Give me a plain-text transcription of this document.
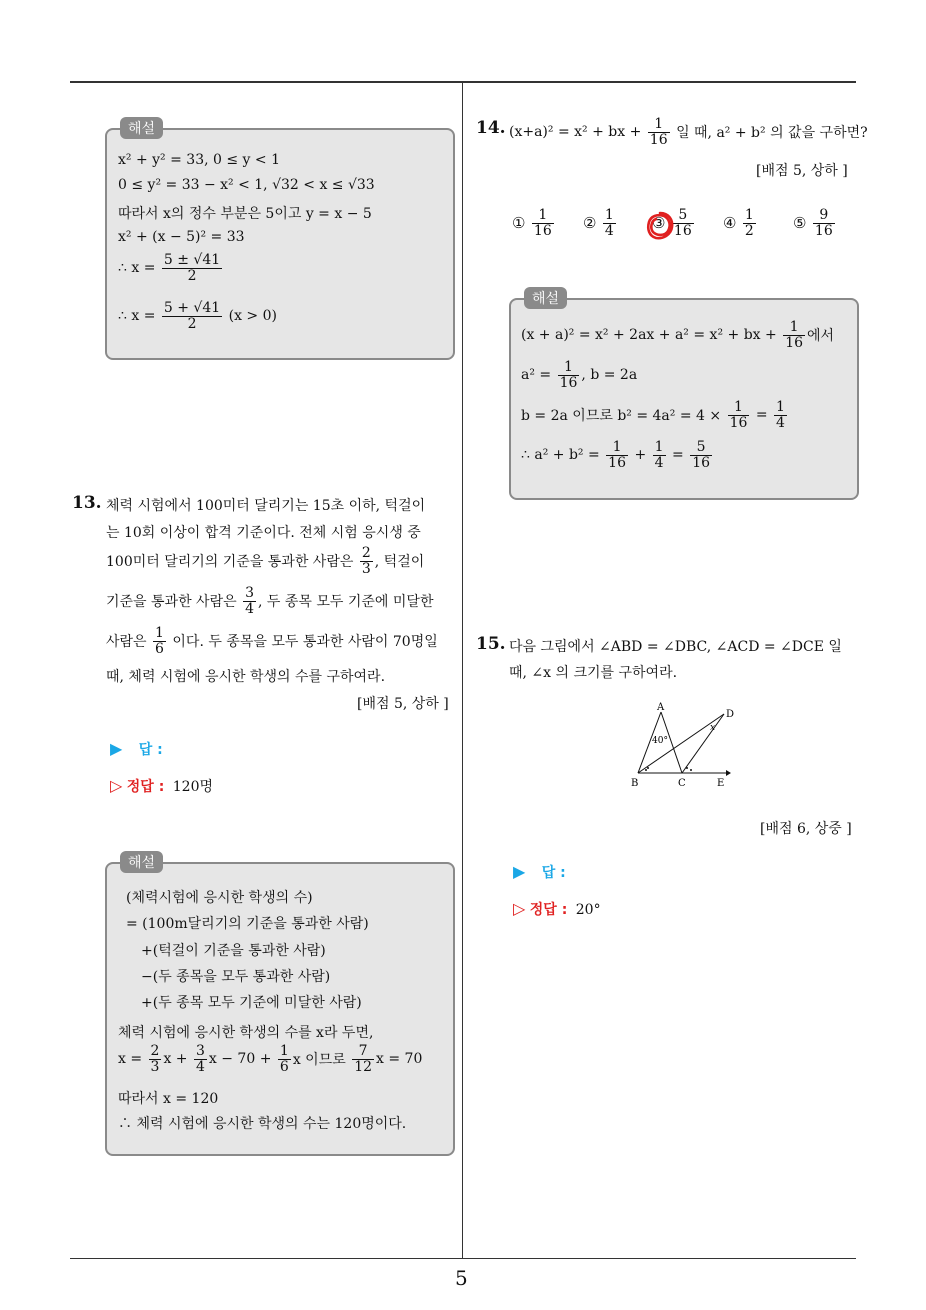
5
해설
x² + y² = 33, 0 ≤ y < 1
0 ≤ y² = 33 − x² < 1, √32 < x ≤ √33
따라서 x의 정수 부분은 5이고 y = x − 5
x² + (x − 5)² = 33
∴ $x = \frac{5 \pm √41}{2}$
∴ $x = \frac{5 + √41}{2} (x > 0)$
13. 체력 시험에서 100미터 달리기는 15초 이하, 턱걸이
는 10회 이상이 합격 기준이다. 전체 시험 응시생 중
100미터 달리기의 기준을 통과한 사람은 $\frac{2}{3}$ , 턱걸이
기준을 통과한 사람은 $\frac{3}{4}$ , 두 종목 모두 기준에 미달한
사람은 $\frac{1}{6}$ 이다. 두 종목을 모두 통과한 사람이 70명일
때, 체력 시험에 응시한 학생의 수를 구하여라.
[배점 5, 상하 ]
▶ 답 :
▷ 정답 : 120명
해설
(체력시험에 응시한 학생의 수)
= (100m달리기의 기준을 통과한 사람)
+(턱걸이 기준을 통과한 사람)
−(두 종목을 모두 통과한 사람)
+(두 종목 모두 기준에 미달한 사람)
체력 시험에 응시한 학생의 수를 x라 두면,
$x = \frac{2}{3}$ $x + \frac{3}{4}$ $x - 70 + \frac{1}{6}$ x 이므로 $\frac{7}{12}$ x = 70
따라서 x = 120
∴ 체력 시험에 응시한 학생의 수는 120명이다.
14. (x+a)² = x² + bx + $\frac{1}{16}$ 일 때, a² + b² 의 값을 구하면?
[배점 5, 상하 ]
① $\frac{1}{16}$ ② $\frac{1}{4}$ ③ $\frac{5}{16}$ ④ $\frac{1}{2}$ ⑤ $\frac{9}{16}$
해설
(x + a)² = x² + 2ax + a² = x² + bx + $\frac{1}{16}$ 에서
$a^2 = \frac{1}{16}$ , b = 2a
b = 2a 이므로 $b^2 = 4a^2 = 4 \times \frac{1}{16} = \frac{1}{4}$
∴ $a^2 + b^2 = \frac{1}{16} + \frac{1}{4} = \frac{5}{16}$
15. 다음 그림에서 ∠ABD = ∠DBC, ∠ACD = ∠DCE 일
때, ∠x 의 크기를 구하여라.
A
B	C
D
E
40°
x
[배점 6, 상중 ]
▶ 답 :
▷ 정답 : 20°
